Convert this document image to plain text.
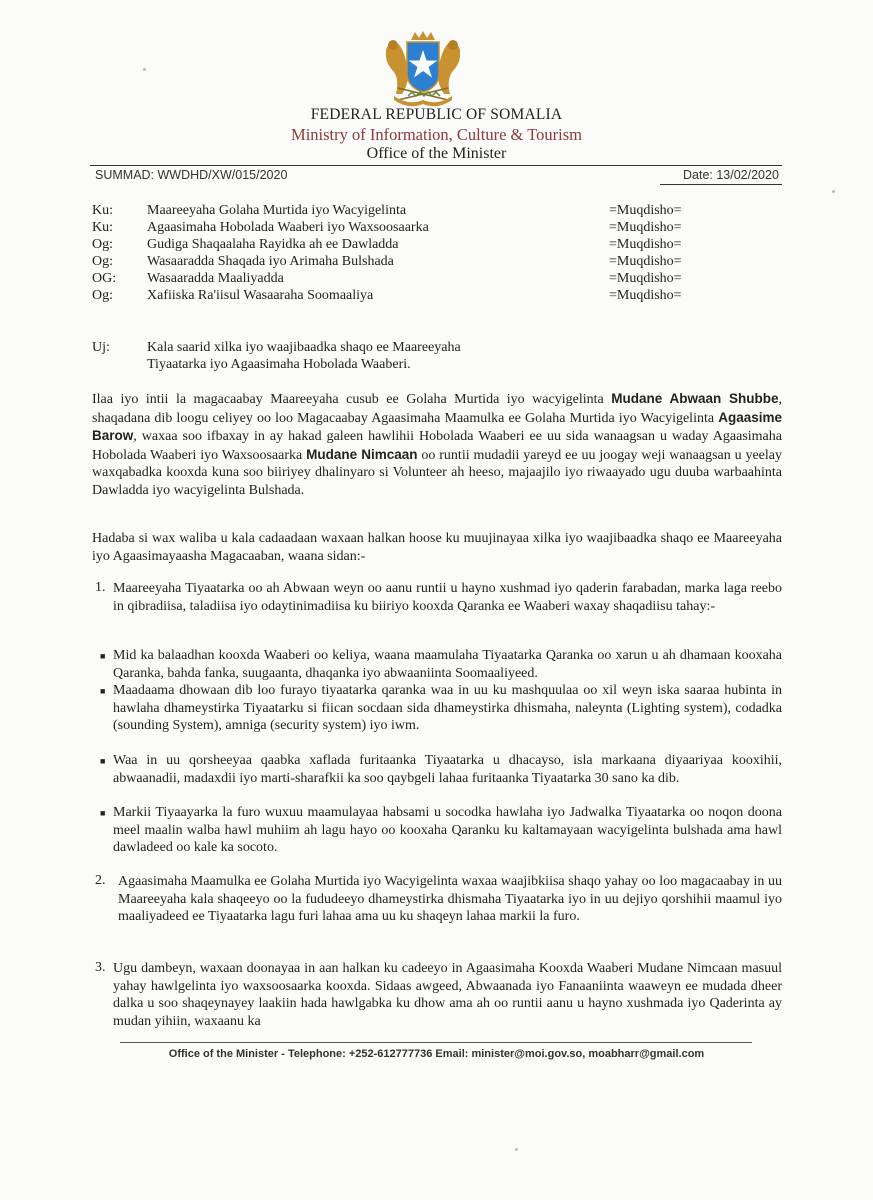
FEDERAL REPUBLIC OF SOMALIA
Ministry of Information, Culture & Tourism
Office of the Minister
SUMMAD: WWDHD/XW/015/2020	Date: 13/02/2020
Ku: Maareeyaha Golaha Murtida iyo Wacyigelinta	=Muqdisho=
Ku: Agaasimaha Hobolada Waaberi iyo Waxsoosaarka	=Muqdisho=
Og: Gudiga Shaqaalaha Rayidka ah ee Dawladda	=Muqdisho=
Og: Wasaaradda Shaqada iyo Arimaha Bulshada	=Muqdisho=
OG: Wasaaradda Maaliyadda	=Muqdisho=
Og: Xafiiska Ra'iisul Wasaaraha Soomaaliya	=Muqdisho=
Uj:	Kala saarid xilka iyo waajibaadka shaqo ee Maareeyaha
Tiyaatarka iyo Agaasimaha Hobolada Waaberi.
Ilaa iyo intii la magacaabay Maareeyaha cusub ee Golaha Murtida iyo wacyigelinta Mudane Abwaan Shubbe, shaqadana dib loogu celiyey oo loo Magacaabay Agaasimaha Maamulka ee Golaha Murtida iyo Wacyigelinta Agaasime Barow, waxaa soo ifbaxay in ay hakad galeen hawlihii Hobolada Waaberi ee uu sida wanaagsan u waday Agaasimaha Hobolada Waaberi iyo Waxsoosaarka Mudane Nimcaan oo runtii mudadii yareyd ee uu joogay weji wanaagsan u yeelay waxqabadka kooxda kuna soo biiriyey dhalinyaro si Volunteer ah heeso, majaajilo iyo riwaayado ugu duuba warbaahinta Dawladda iyo wacyigelinta Bulshada.
Hadaba si wax waliba u kala cadaadaan waxaan halkan hoose ku muujinayaa xilka iyo waajibaadka shaqo ee Maareeyaha iyo Agaasimayaasha Magacaaban, waana sidan:-
1. Maareeyaha Tiyaatarka oo ah Abwaan weyn oo aanu runtii u hayno xushmad iyo qaderin farabadan, marka laga reebo in qibradiisa, taladiisa iyo odaytinimadiisa ku biiriyo kooxda Qaranka ee Waaberi waxay shaqadiisu tahay:-
■ Mid ka balaadhan kooxda Waaberi oo keliya, waana maamulaha Tiyaatarka Qaranka oo xarun u ah dhamaan kooxaha Qaranka, bahda fanka, suugaanta, dhaqanka iyo abwaaniinta Soomaaliyeed.
■ Maadaama dhowaan dib loo furayo tiyaatarka qaranka waa in uu ku mashquulaa oo xil weyn iska saaraa hubinta in hawlaha dhameystirka Tiyaatarku si fiican socdaan sida dhameystirka dhismaha, naleynta (Lighting system), codadka (sounding System), amniga (security system) iyo iwm.
■ Waa in uu qorsheeyaa qaabka xaflada furitaanka Tiyaatarka u dhacayso, isla markaana diyaariyaa kooxihii, abwaanadii, madaxdii iyo marti-sharafkii ka soo qaybgeli lahaa furitaanka Tiyaatarka 30 sano ka dib.
■ Markii Tiyaayarka la furo wuxuu maamulayaa habsami u socodka hawlaha iyo Jadwalka Tiyaatarka oo noqon doona meel maalin walba hawl muhiim ah lagu hayo oo kooxaha Qaranku ku kaltamayaan wacyigelinta bulshada ama hawl dawladeed oo kale ka socoto.
2. Agaasimaha Maamulka ee Golaha Murtida iyo Wacyigelinta waxaa waajibkiisa shaqo yahay oo loo magacaabay in uu Maareeyaha kala shaqeeyo oo la fududeeyo dhameystirka dhismaha Tiyaatarka iyo in uu dejiyo qorshihii maamul iyo maaliyadeed ee Tiyaatarka lagu furi lahaa ama uu ku shaqeyn lahaa markii la furo.
3. Ugu dambeyn, waxaan doonayaa in aan halkan ku cadeeyo in Agaasimaha Kooxda Waaberi Mudane Nimcaan masuul yahay hawlgelinta iyo waxsoosaarka kooxda. Sidaas awgeed, Abwaanada iyo Fanaaniinta waaweyn ee mudada dheer dalka u soo shaqeynayey laakiin hada hawlgabka ku dhow ama ah oo runtii aanu u hayno xushmada iyo Qaderinta ay mudan yihiin, waxaanu ka
Office of the Minister - Telephone: +252-612777736 Email: minister@moi.gov.so, moabharr@gmail.com
